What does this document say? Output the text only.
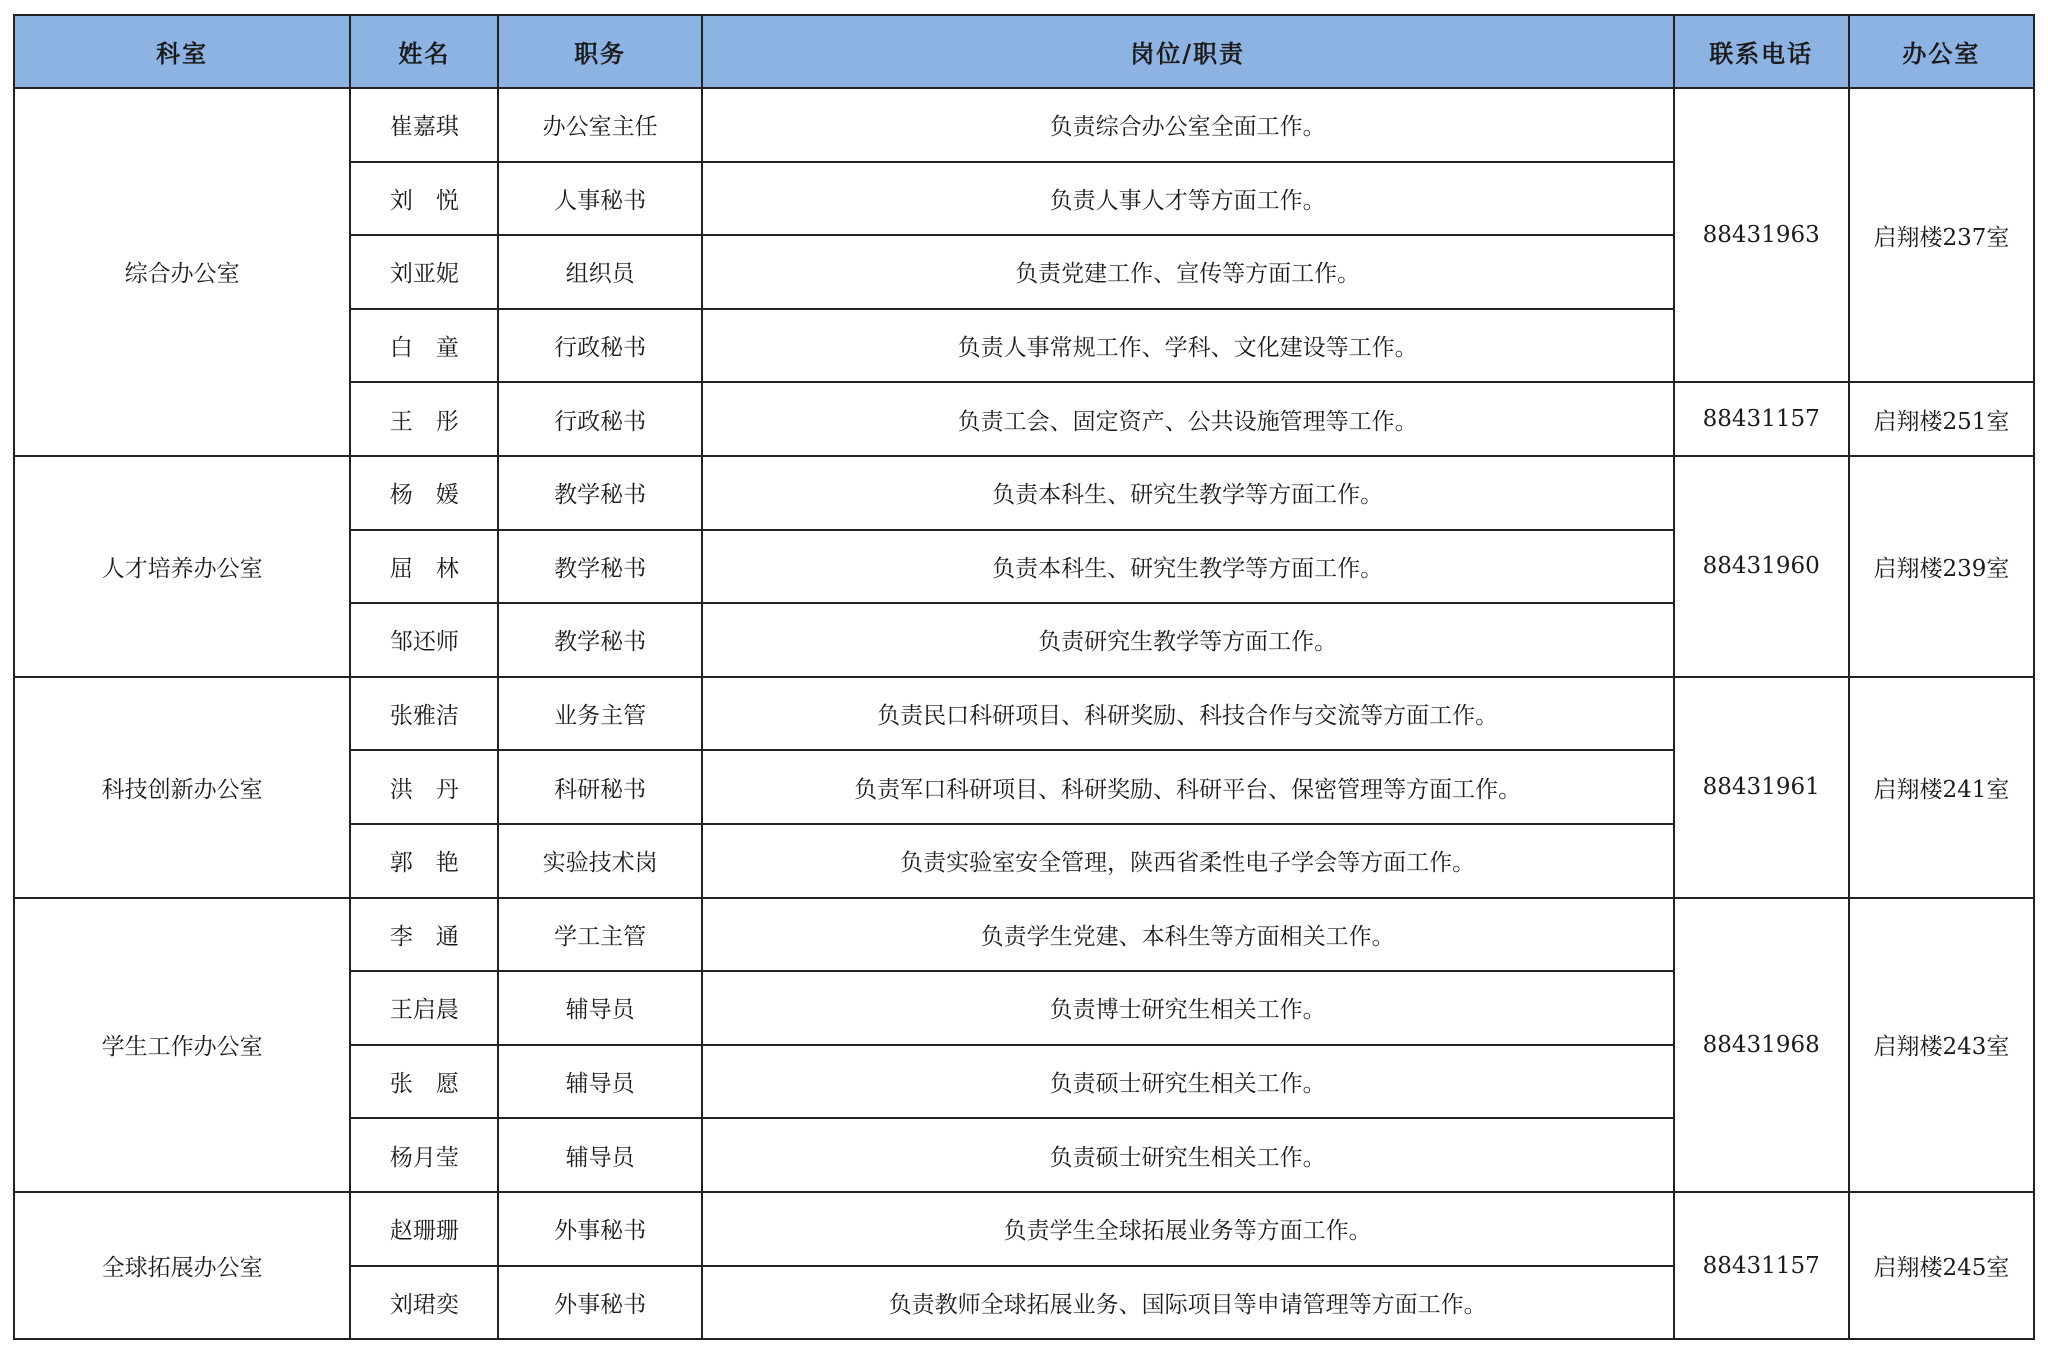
科室	姓名	职务	岗位/职责	联系电话	办公室
综合办公室	崔嘉琪	办公室主任	负责综合办公室全面工作。	88431963	启翔楼237室
	刘　悦	人事秘书	负责人事人才等方面工作。		
	刘亚妮	组织员	负责党建工作、宣传等方面工作。		
	白　童	行政秘书	负责人事常规工作、学科、文化建设等工作。		
	王　彤	行政秘书	负责工会、固定资产、公共设施管理等工作。	88431157	启翔楼251室
人才培养办公室	杨　媛	教学秘书	负责本科生、研究生教学等方面工作。	88431960	启翔楼239室
	屈　林	教学秘书	负责本科生、研究生教学等方面工作。		
	邹还师	教学秘书	负责研究生教学等方面工作。		
科技创新办公室	张雅洁	业务主管	负责民口科研项目、科研奖励、科技合作与交流等方面工作。	88431961	启翔楼241室
	洪　丹	科研秘书	负责军口科研项目、科研奖励、科研平台、保密管理等方面工作。		
	郭　艳	实验技术岗	负责实验室安全管理，陕西省柔性电子学会等方面工作。		
学生工作办公室	李　通	学工主管	负责学生党建、本科生等方面相关工作。	88431968	启翔楼243室
	王启晨	辅导员	负责博士研究生相关工作。		
	张　愿	辅导员	负责硕士研究生相关工作。		
	杨月莹	辅导员	负责硕士研究生相关工作。		
全球拓展办公室	赵珊珊	外事秘书	负责学生全球拓展业务等方面工作。	88431157	启翔楼245室
	刘珺奕	外事秘书	负责教师全球拓展业务、国际项目等申请管理等方面工作。		
